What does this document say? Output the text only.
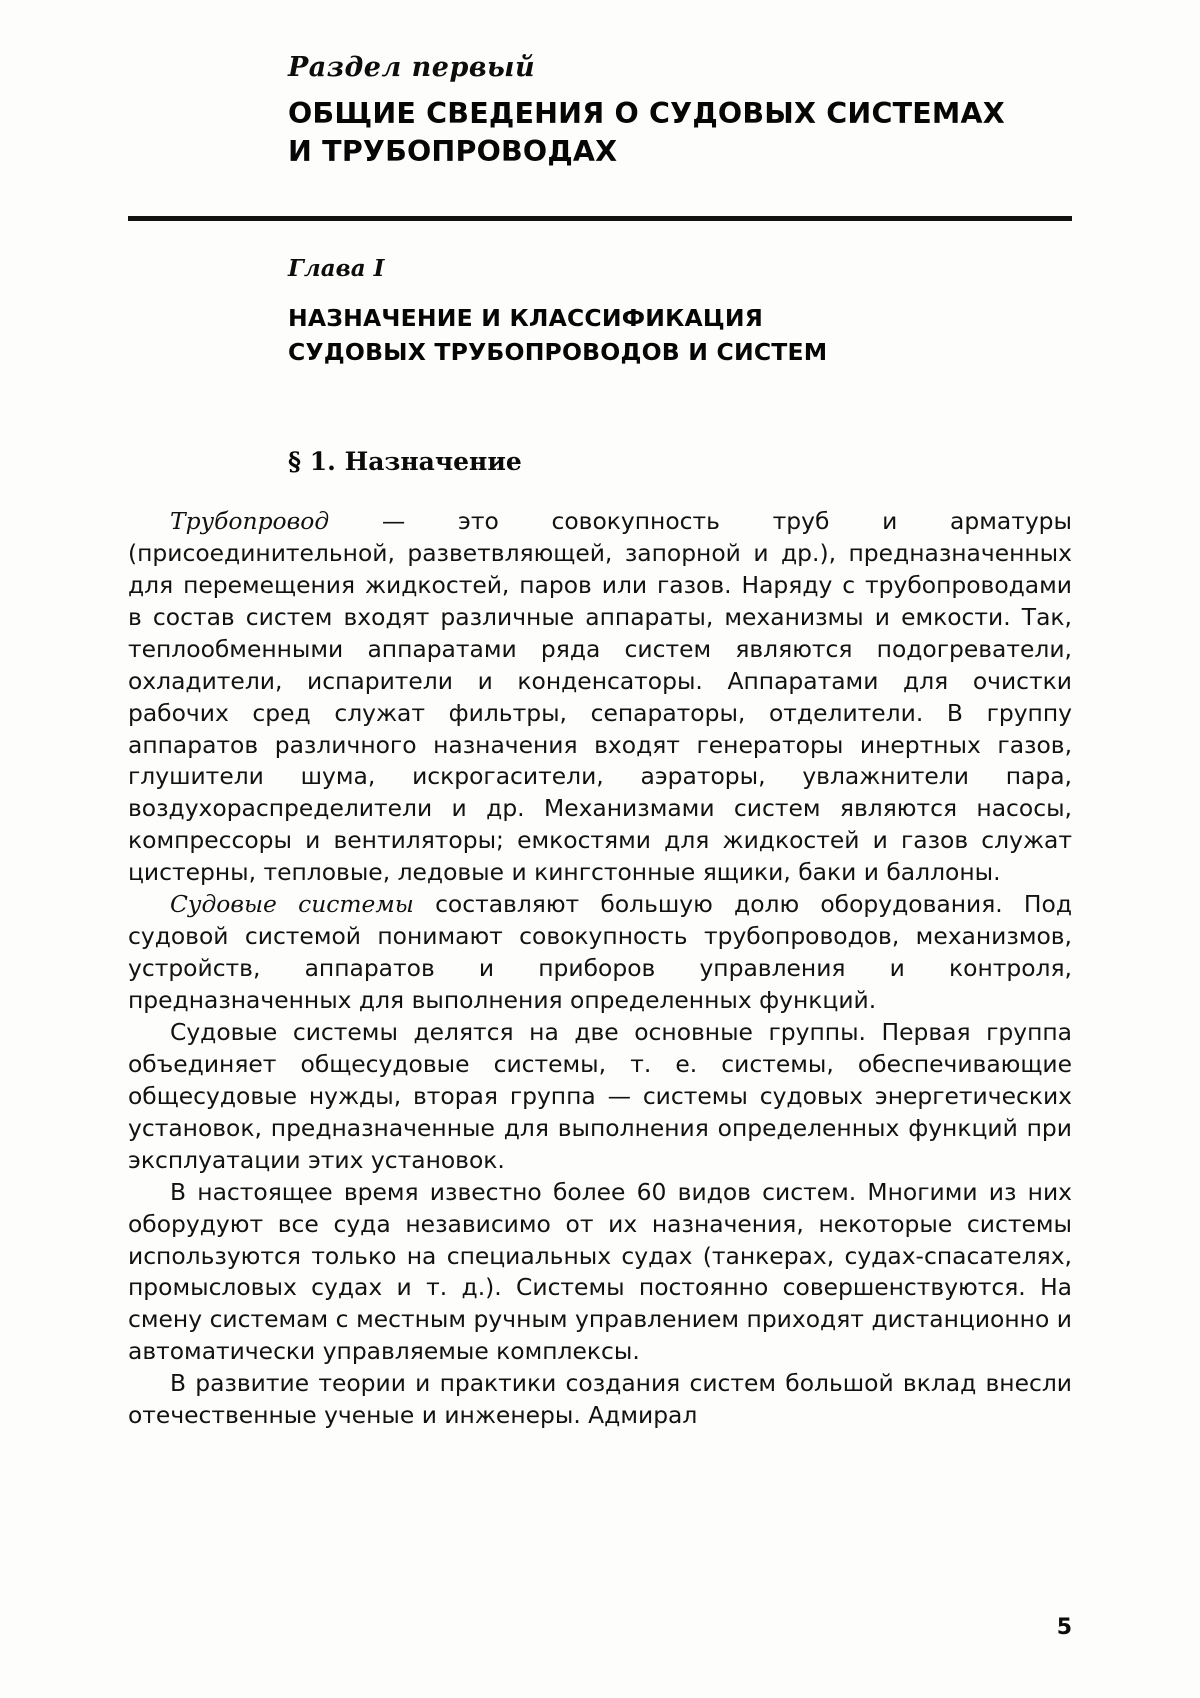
Раздел первый
ОБЩИЕ СВЕДЕНИЯ О СУДОВЫХ СИСТЕМАХ
И ТРУБОПРОВОДАХ
Глава I
НАЗНАЧЕНИЕ И КЛАССИФИКАЦИЯ
СУДОВЫХ ТРУБОПРОВОДОВ И СИСТЕМ
§ 1. Назначение

Трубопровод — это совокупность труб и арматуры (присоединительной, разветвляющей, запорной и др.), предназначенных для перемещения жидкостей, паров или газов. Наряду с трубопроводами в состав систем входят различные аппараты, механизмы и емкости. Так, теплообменными аппаратами ряда систем являются подогреватели, охладители, испарители и конденсаторы. Аппаратами для очистки рабочих сред служат фильтры, сепараторы, отделители. В группу аппаратов различного назначения входят генераторы инертных газов, глушители шума, искрогасители, аэраторы, увлажнители пара, воздухораспределители и др. Механизмами систем являются насосы, компрессоры и вентиляторы; емкостями для жидкостей и газов служат цистерны, тепловые, ледовые и кингстонные ящики, баки и баллоны.

Судовые системы составляют большую долю оборудования. Под судовой системой понимают совокупность трубопроводов, механизмов, устройств, аппаратов и приборов управления и контроля, предназначенных для выполнения определенных функций.

Судовые системы делятся на две основные группы. Первая группа объединяет общесудовые системы, т. е. системы, обеспечивающие общесудовые нужды, вторая группа — системы судовых энергетических установок, предназначенные для выполнения определенных функций при эксплуатации этих установок.

В настоящее время известно более 60 видов систем. Многими из них оборудуют все суда независимо от их назначения, некоторые системы используются только на специальных судах (танкерах, судах-спасателях, промысловых судах и т. д.). Системы постоянно совершенствуются. На смену системам с местным ручным управлением приходят дистанционно и автоматически управляемые комплексы.

В развитие теории и практики создания систем большой вклад внесли отечественные ученые и инженеры. Адмирал

5
